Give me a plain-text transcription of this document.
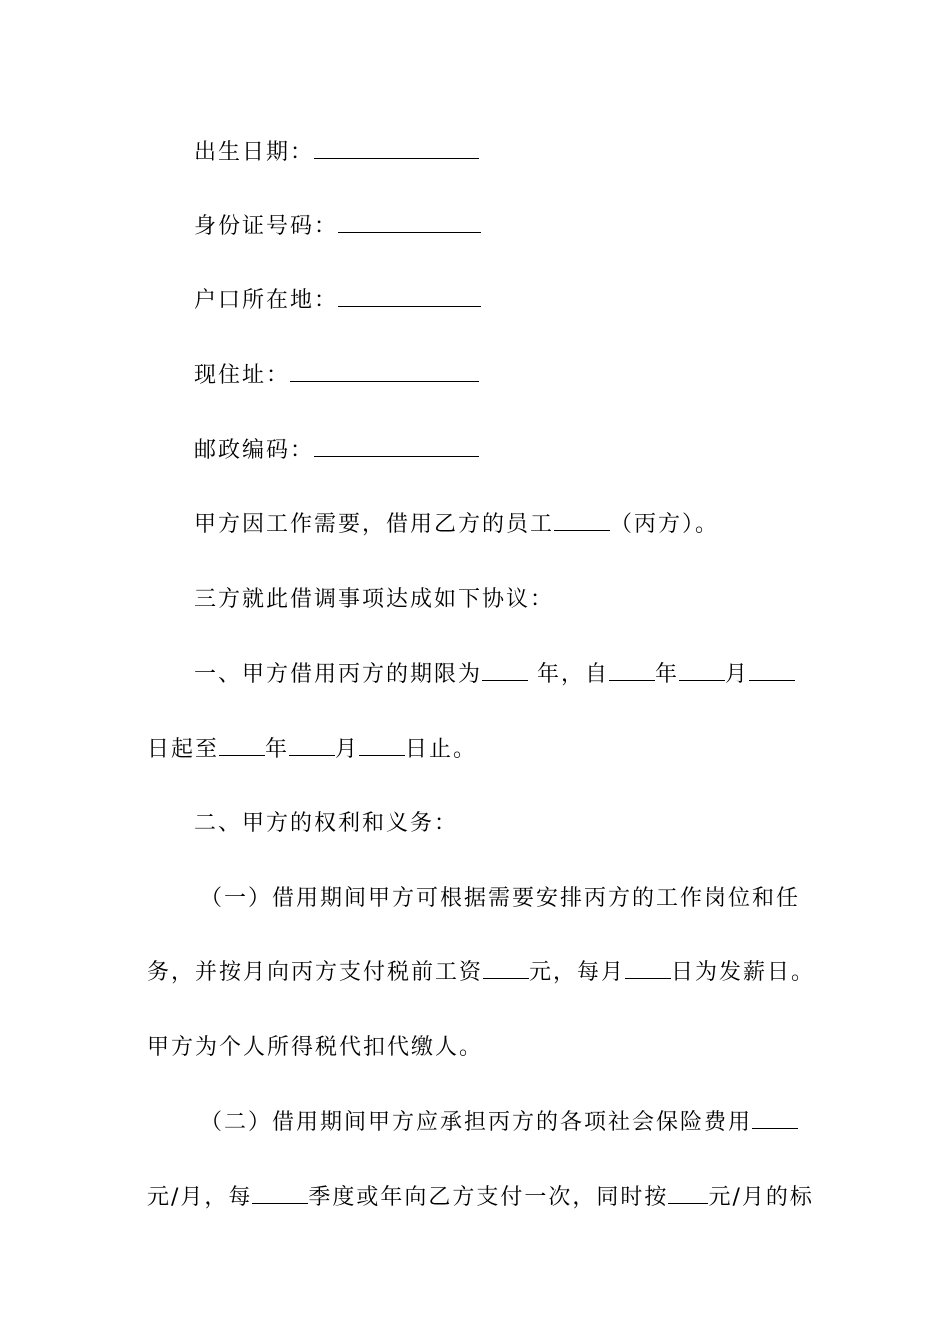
出生日期：
身份证号码：
户口所在地：
现住址：
邮政编码：
甲方因工作需要，借用乙方的员工	（丙方）。
三方就此借调事项达成如下协议：
一、甲方借用丙方的期限为 年，自 年 月
日起至 年 月 日止。
二、甲方的权利和义务：
（一）借用期间甲方可根据需要安排丙方的工作岗位和任
务，并按月向丙方支付税前工资 元，每月 日为发薪日。
甲方为个人所得税代扣代缴人。
（二）借用期间甲方应承担丙方的各项社会保险费用
元/月，每	季度或年向乙方支付一次，同时按 元/月的标
